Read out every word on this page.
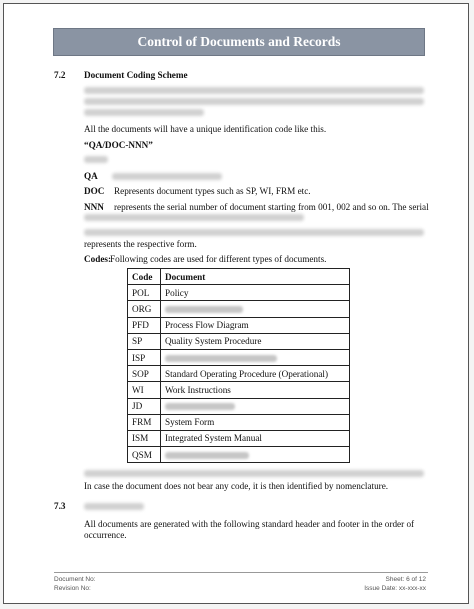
Control of Documents and Records
7.2 Document Coding Scheme
All the documents will have a unique identification code like this.
“QA/DOC-NNN”
QA
DOC Represents document types such as SP, WI, FRM etc.
NNN represents the serial number of document starting from 001, 002 and so on. The serial
represents the respective form.
Codes:
Following codes are used for different types of documents.
Code	Document
POL	Policy
ORG	
PFD	Process Flow Diagram
SP	Quality System Procedure
ISP	
SOP	Standard Operating Procedure (Operational)
WI	Work Instructions
JD	
FRM	System Form
ISM	Integrated System Manual
QSM	
In case the document does not bear any code, it is then identified by nomenclature.
7.3
All documents are generated with the following standard header and footer in the order of
occurrence.
Document No:
Revision No:
Sheet: 6 of 12
Issue Date: xx-xxx-xx
